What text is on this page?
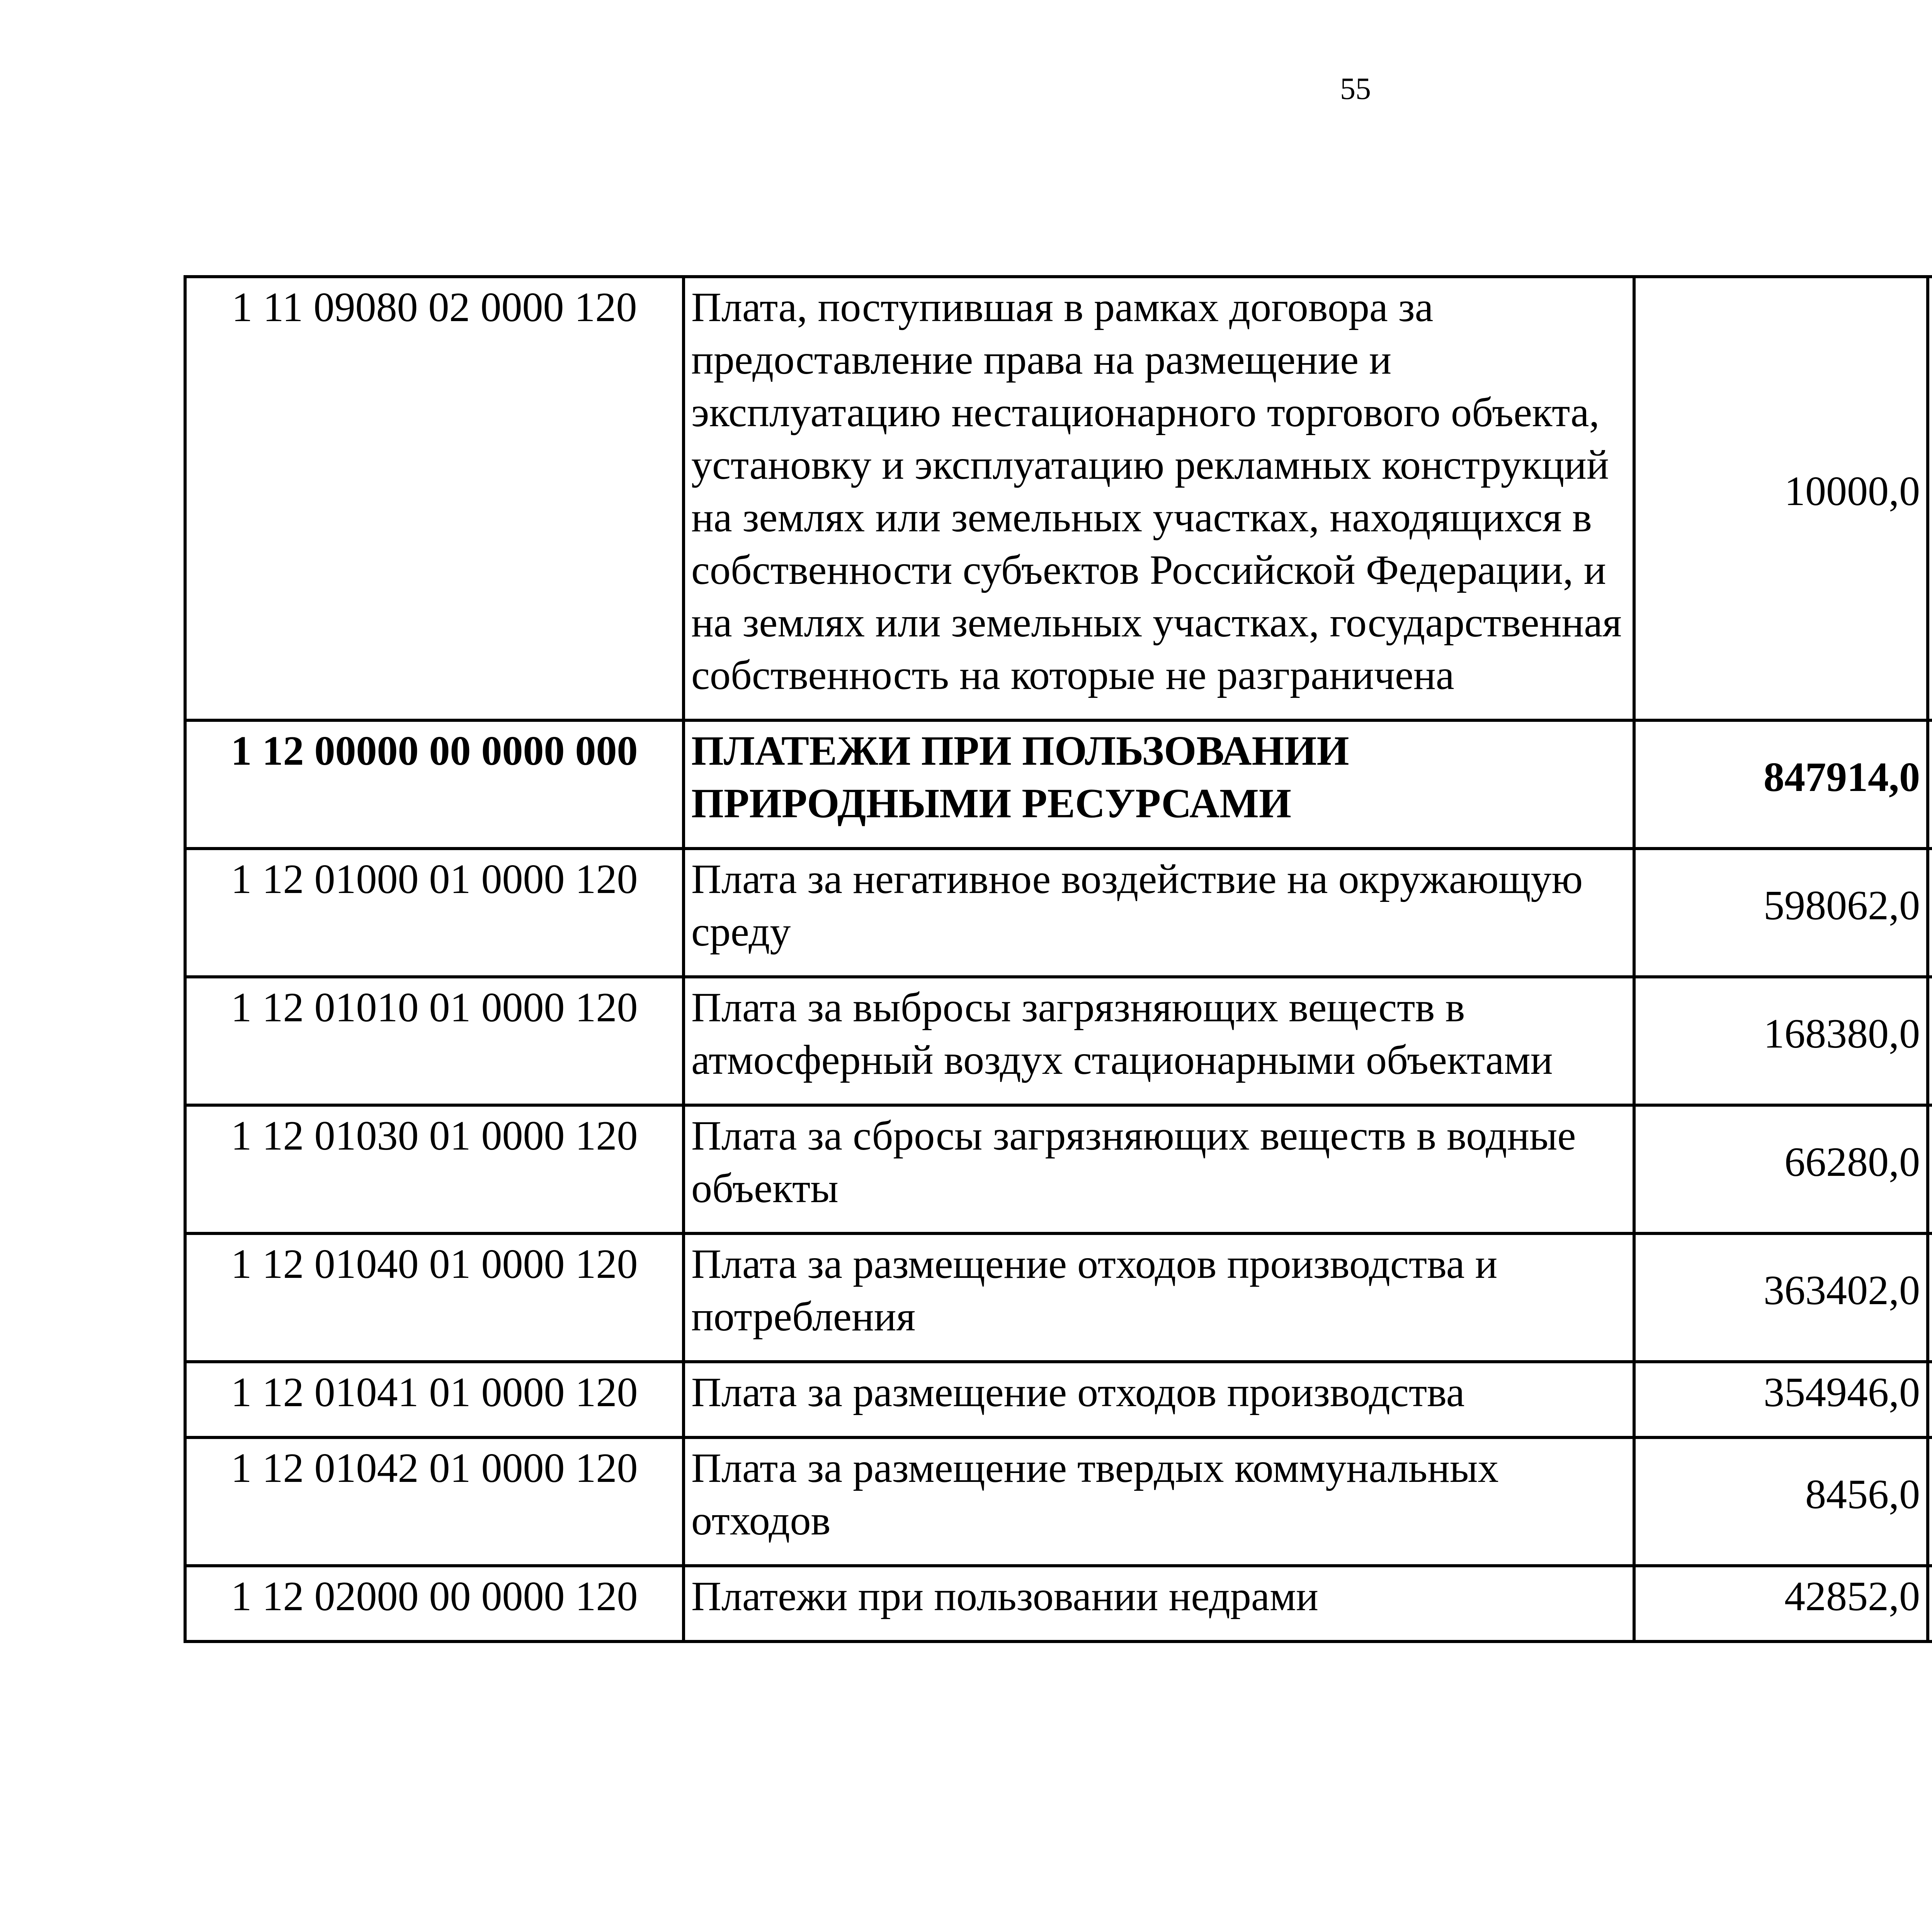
55
1 11 09080 02 0000 120	Плата, поступившая в рамках договора за предоставление права на размещение и эксплуатацию нестационарного торгового объекта, установку и эксплуатацию рекламных конструкций на землях или земельных участках, находящихся в собственности субъектов Российской Федерации, и на землях или земельных участках, государственная собственность на которые не разграничена	10000,0		
1 12 00000 00 0000 000	ПЛАТЕЖИ ПРИ ПОЛЬЗОВАНИИ ПРИРОДНЫМИ РЕСУРСАМИ	847914,0		
1 12 01000 01 0000 120	Плата за негативное воздействие на окружающую среду	598062,0		
1 12 01010 01 0000 120	Плата за выбросы загрязняющих веществ в атмосферный воздух стационарными объектами	168380,0		
1 12 01030 01 0000 120	Плата за сбросы загрязняющих веществ в водные объекты	66280,0		
1 12 01040 01 0000 120	Плата за размещение отходов производства и потребления	363402,0		
1 12 01041 01 0000 120	Плата за размещение отходов производства	354946,0		
1 12 01042 01 0000 120	Плата за размещение твердых коммунальных отходов	8456,0		
1 12 02000 00 0000 120	Платежи при пользовании недрами	42852,0		
